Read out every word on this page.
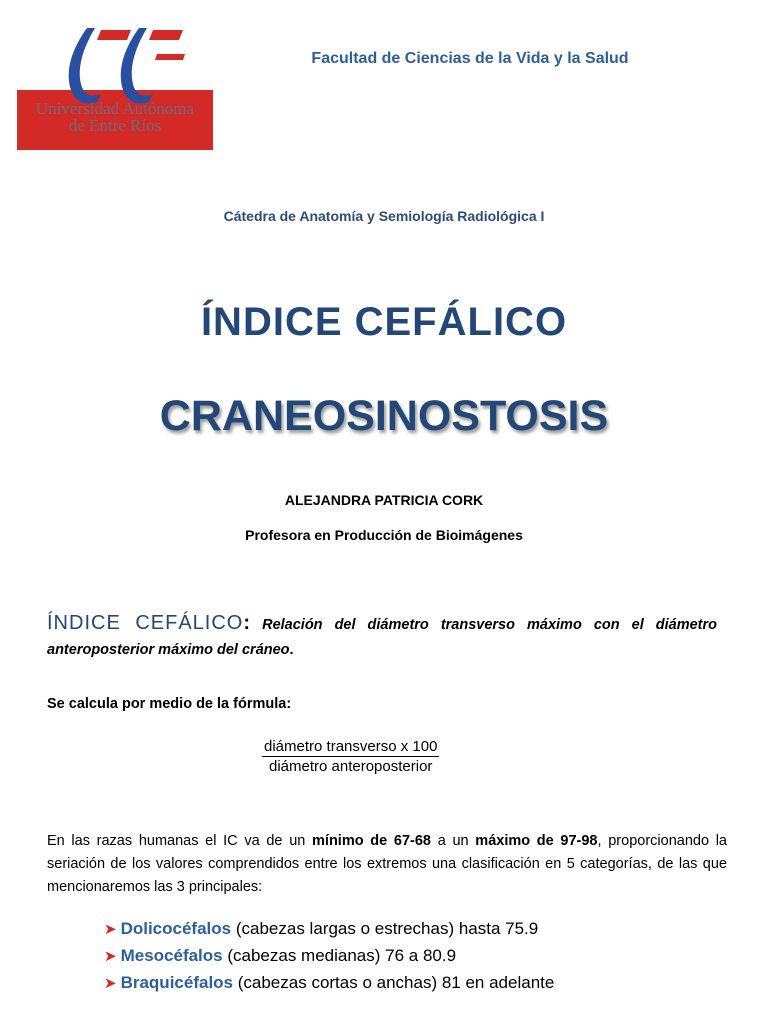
Universidad Autónoma
de Entre Ríos
Facultad de Ciencias de la Vida y la Salud
Cátedra de Anatomía y Semiología Radiológica I
ÍNDICE CEFÁLICO
CRANEOSINOSTOSIS
ALEJANDRA PATRICIA CORK
Profesora en Producción de Bioimágenes
ÍNDICE CEFÁLICO: Relación del diámetro transverso máximo con el diámetro anteroposterior máximo del cráneo.
Se calcula por medio de la fórmula:
diámetro transverso x 100
diámetro anteroposterior
En las razas humanas el IC va de un mínimo de 67-68 a un máximo de 97-98, proporcionando la seriación de los valores comprendidos entre los extremos una clasificación en 5 categorías, de las que mencionaremos las 3 principales:
➤ Dolicocéfalos (cabezas largas o estrechas) hasta 75.9
➤ Mesocéfalos (cabezas medianas) 76 a 80.9
➤ Braquicéfalos (cabezas cortas o anchas) 81 en adelante
